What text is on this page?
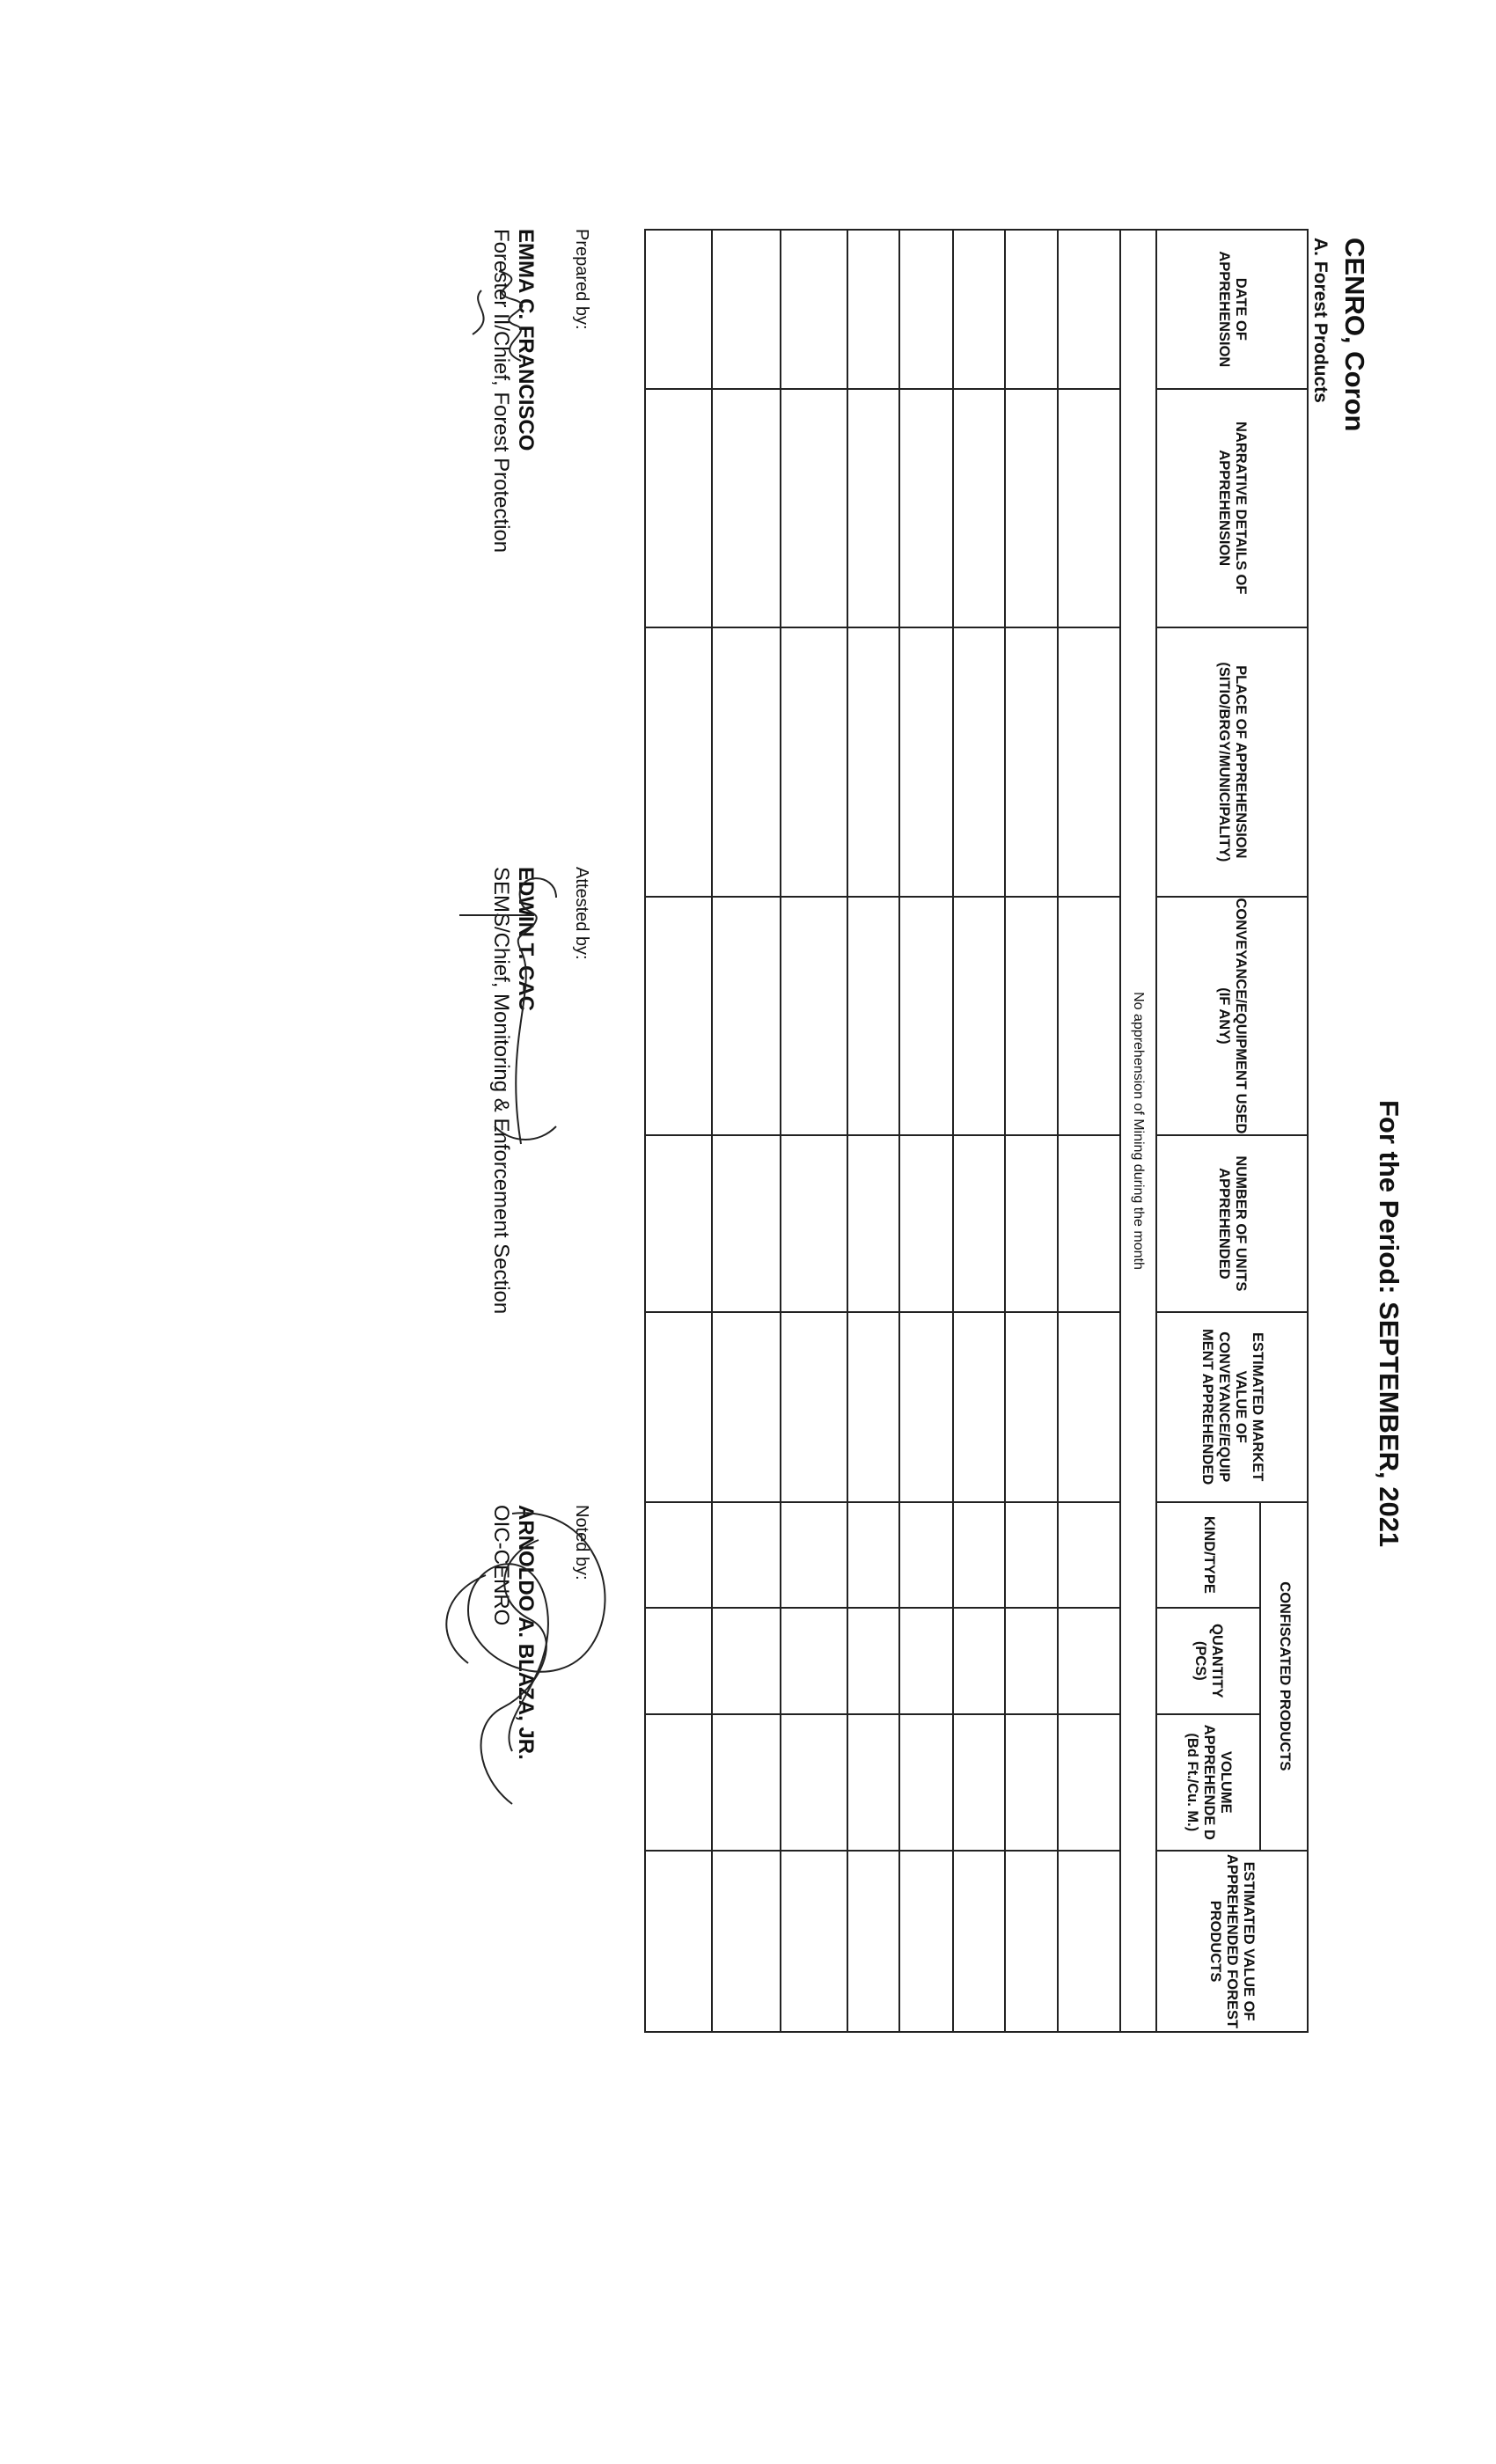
For the Period: SEPTEMBER, 2021
CENRO, Coron
A. Forest Products
DATE OF APPREHENSION	NARRATIVE DETAILS OF APPREHENSION	PLACE OF APPREHENSION (SITIO/BRGY/MUNICIPALITY)	CONVEYANCE/EQUIPMENT USED (IF ANY)	NUMBER OF UNITS APPREHENDED	ESTIMATED MARKET VALUE OF CONVEYANCE/EQUIP MENT APPREHENDED	CONFISCATED PRODUCTS			ESTIMATED VALUE OF APPREHENDED FOREST PRODUCTS
						KIND/TYPE	QUANTITY (PCS)	VOLUME APPREHENDE D (Bd Ft./Cu. M.)	
No apprehension of Mining during the month									

Prepared by:
EMMA C. FRANCISCO
Forester II/Chief, Forest Protection
Attested by:
EDWIN T. CAC
SEMS/Chief, Monitoring & Enforcement Section
Noted by:
ARNOLDO A. BLAZA, JR.
OIC-CENRO
